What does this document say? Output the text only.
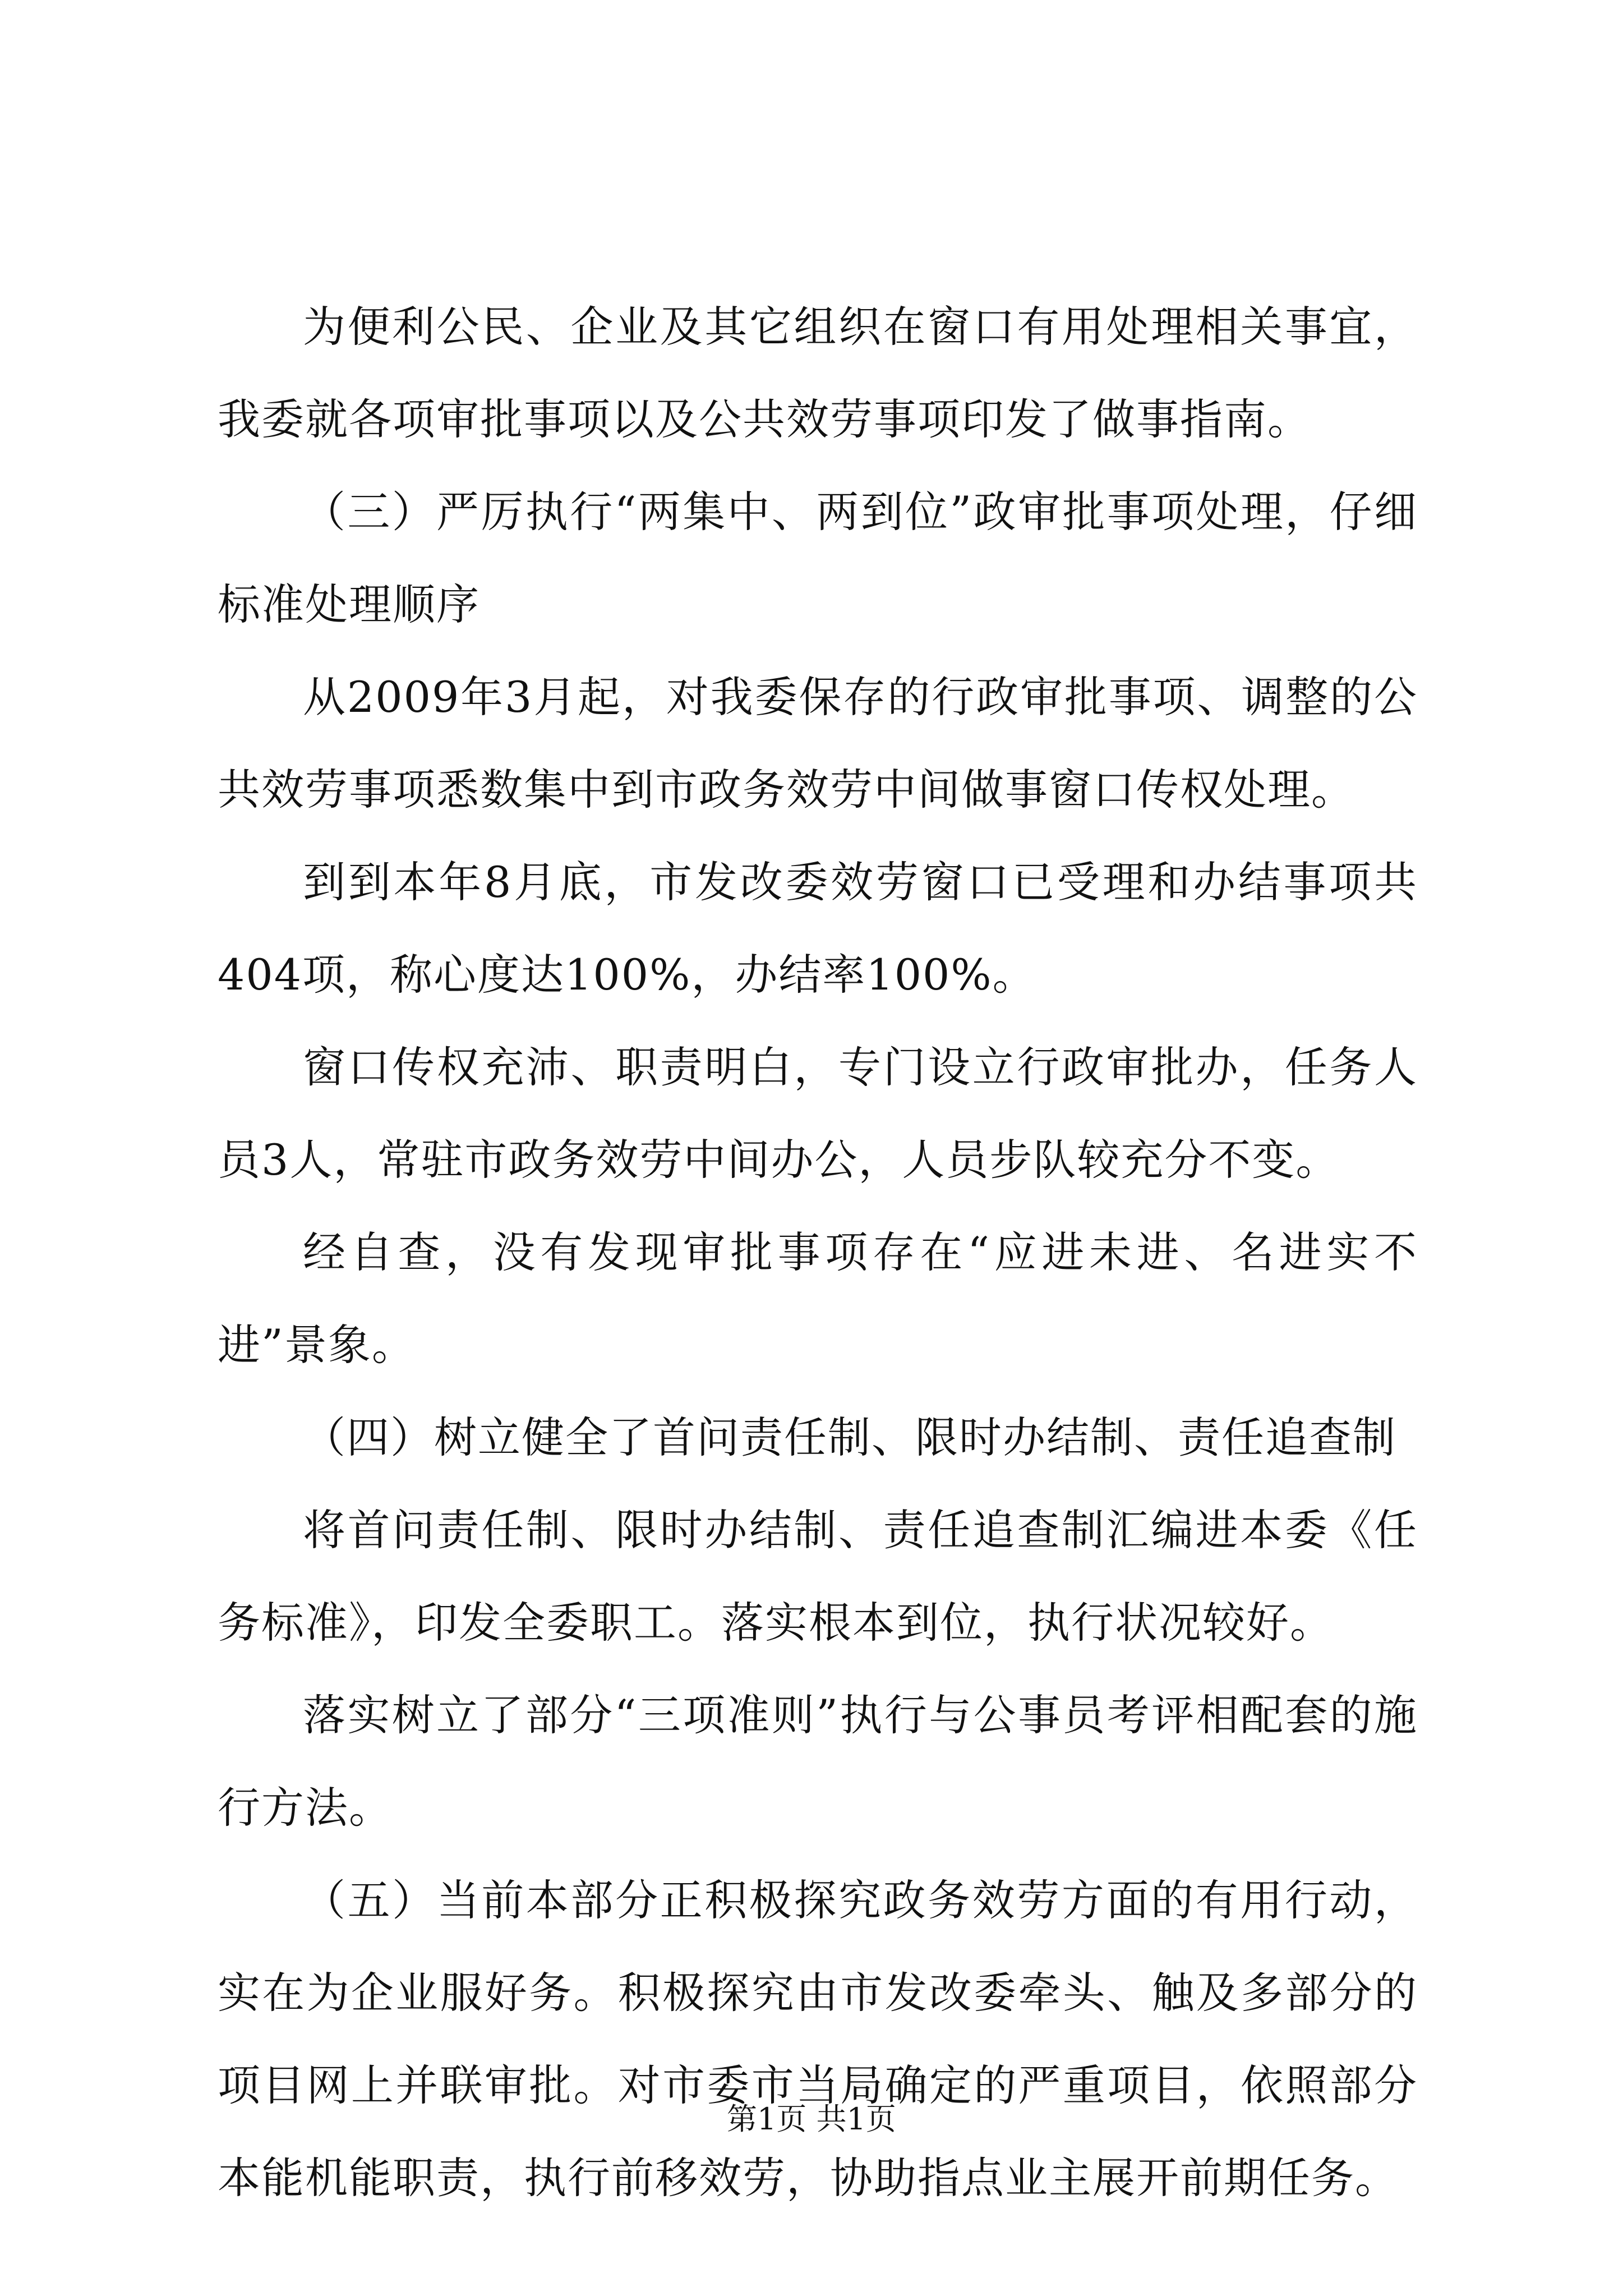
为便利公民、企业及其它组织在窗口有用处理相关事宜，我委就各项审批事项以及公共效劳事项印发了做事指南。

（三）严厉执行“两集中、两到位”政审批事项处理，仔细标准处理顺序

从2009年3月起，对我委保存的行政审批事项、调整的公共效劳事项悉数集中到市政务效劳中间做事窗口传权处理。

到到本年8月底，市发改委效劳窗口已受理和办结事项共404项，称心度达100%，办结率100%。

窗口传权充沛、职责明白，专门设立行政审批办，任务人员3人，常驻市政务效劳中间办公，人员步队较充分不变。

经自查，没有发现审批事项存在“应进未进、名进实不进”景象。

（四）树立健全了首问责任制、限时办结制、责任追查制

将首问责任制、限时办结制、责任追查制汇编进本委《任务标准》，印发全委职工。落实根本到位，执行状况较好。

落实树立了部分“三项准则”执行与公事员考评相配套的施行方法。

（五）当前本部分正积极探究政务效劳方面的有用行动，实在为企业服好务。积极探究由市发改委牵头、触及多部分的项目网上并联审批。对市委市当局确定的严重项目，依照部分本能机能职责，执行前移效劳，协助指点业主展开前期任务。

第1页 共1页
